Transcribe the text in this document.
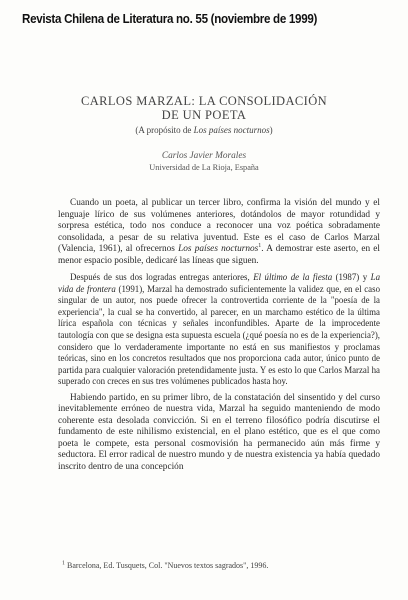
Revista Chilena de Literatura no. 55 (noviembre de 1999)
CARLOS MARZAL: LA CONSOLIDACIÓN
DE UN POETA
(A propósito de Los países nocturnos)
Carlos Javier Morales
Universidad de La Rioja, España

Cuando un poeta, al publicar un tercer libro, confirma la visión del mundo y el lenguaje lírico de sus volúmenes anteriores, dotándolos de mayor rotundidad y sorpresa estética, todo nos conduce a reconocer una voz poética sobradamente consolidada, a pesar de su relativa juventud. Este es el caso de Carlos Marzal (Valencia, 1961), al ofrecernos Los países nocturnos$^1$. A demostrar este aserto, en el menor espacio posible, dedicaré las líneas que siguen.

Después de sus dos logradas entregas anteriores, El último de la fiesta (1987) y La vida de frontera (1991), Marzal ha demostrado suficientemente la validez que, en el caso singular de un autor, nos puede ofrecer la controvertida corriente de la "poesía de la experiencia", la cual se ha convertido, al parecer, en un marchamo estético de la última lírica española con técnicas y señales inconfundibles. Aparte de la improcedente tautología con que se designa esta supuesta escuela (¿qué poesía no es de la experiencia?), considero que lo verdaderamente importante no está en sus manifiestos y proclamas teóricas, sino en los concretos resultados que nos proporciona cada autor, único punto de partida para cualquier valoración pretendidamente justa. Y es esto lo que Carlos Marzal ha superado con creces en sus tres volúmenes publicados hasta hoy.

Habiendo partido, en su primer libro, de la constatación del sinsentido y del curso inevitablemente erróneo de nuestra vida, Marzal ha seguido manteniendo de modo coherente esta desolada convicción. Si en el terreno filosófico podría discutirse el fundamento de este nihilismo existencial, en el plano estético, que es el que como poeta le compete, esta personal cosmovisión ha permanecido aún más firme y seductora. El error radical de nuestro mundo y de nuestra existencia ya había quedado inscrito dentro de una concepción

$^1$ Barcelona, Ed. Tusquets, Col. "Nuevos textos sagrados", 1996.
